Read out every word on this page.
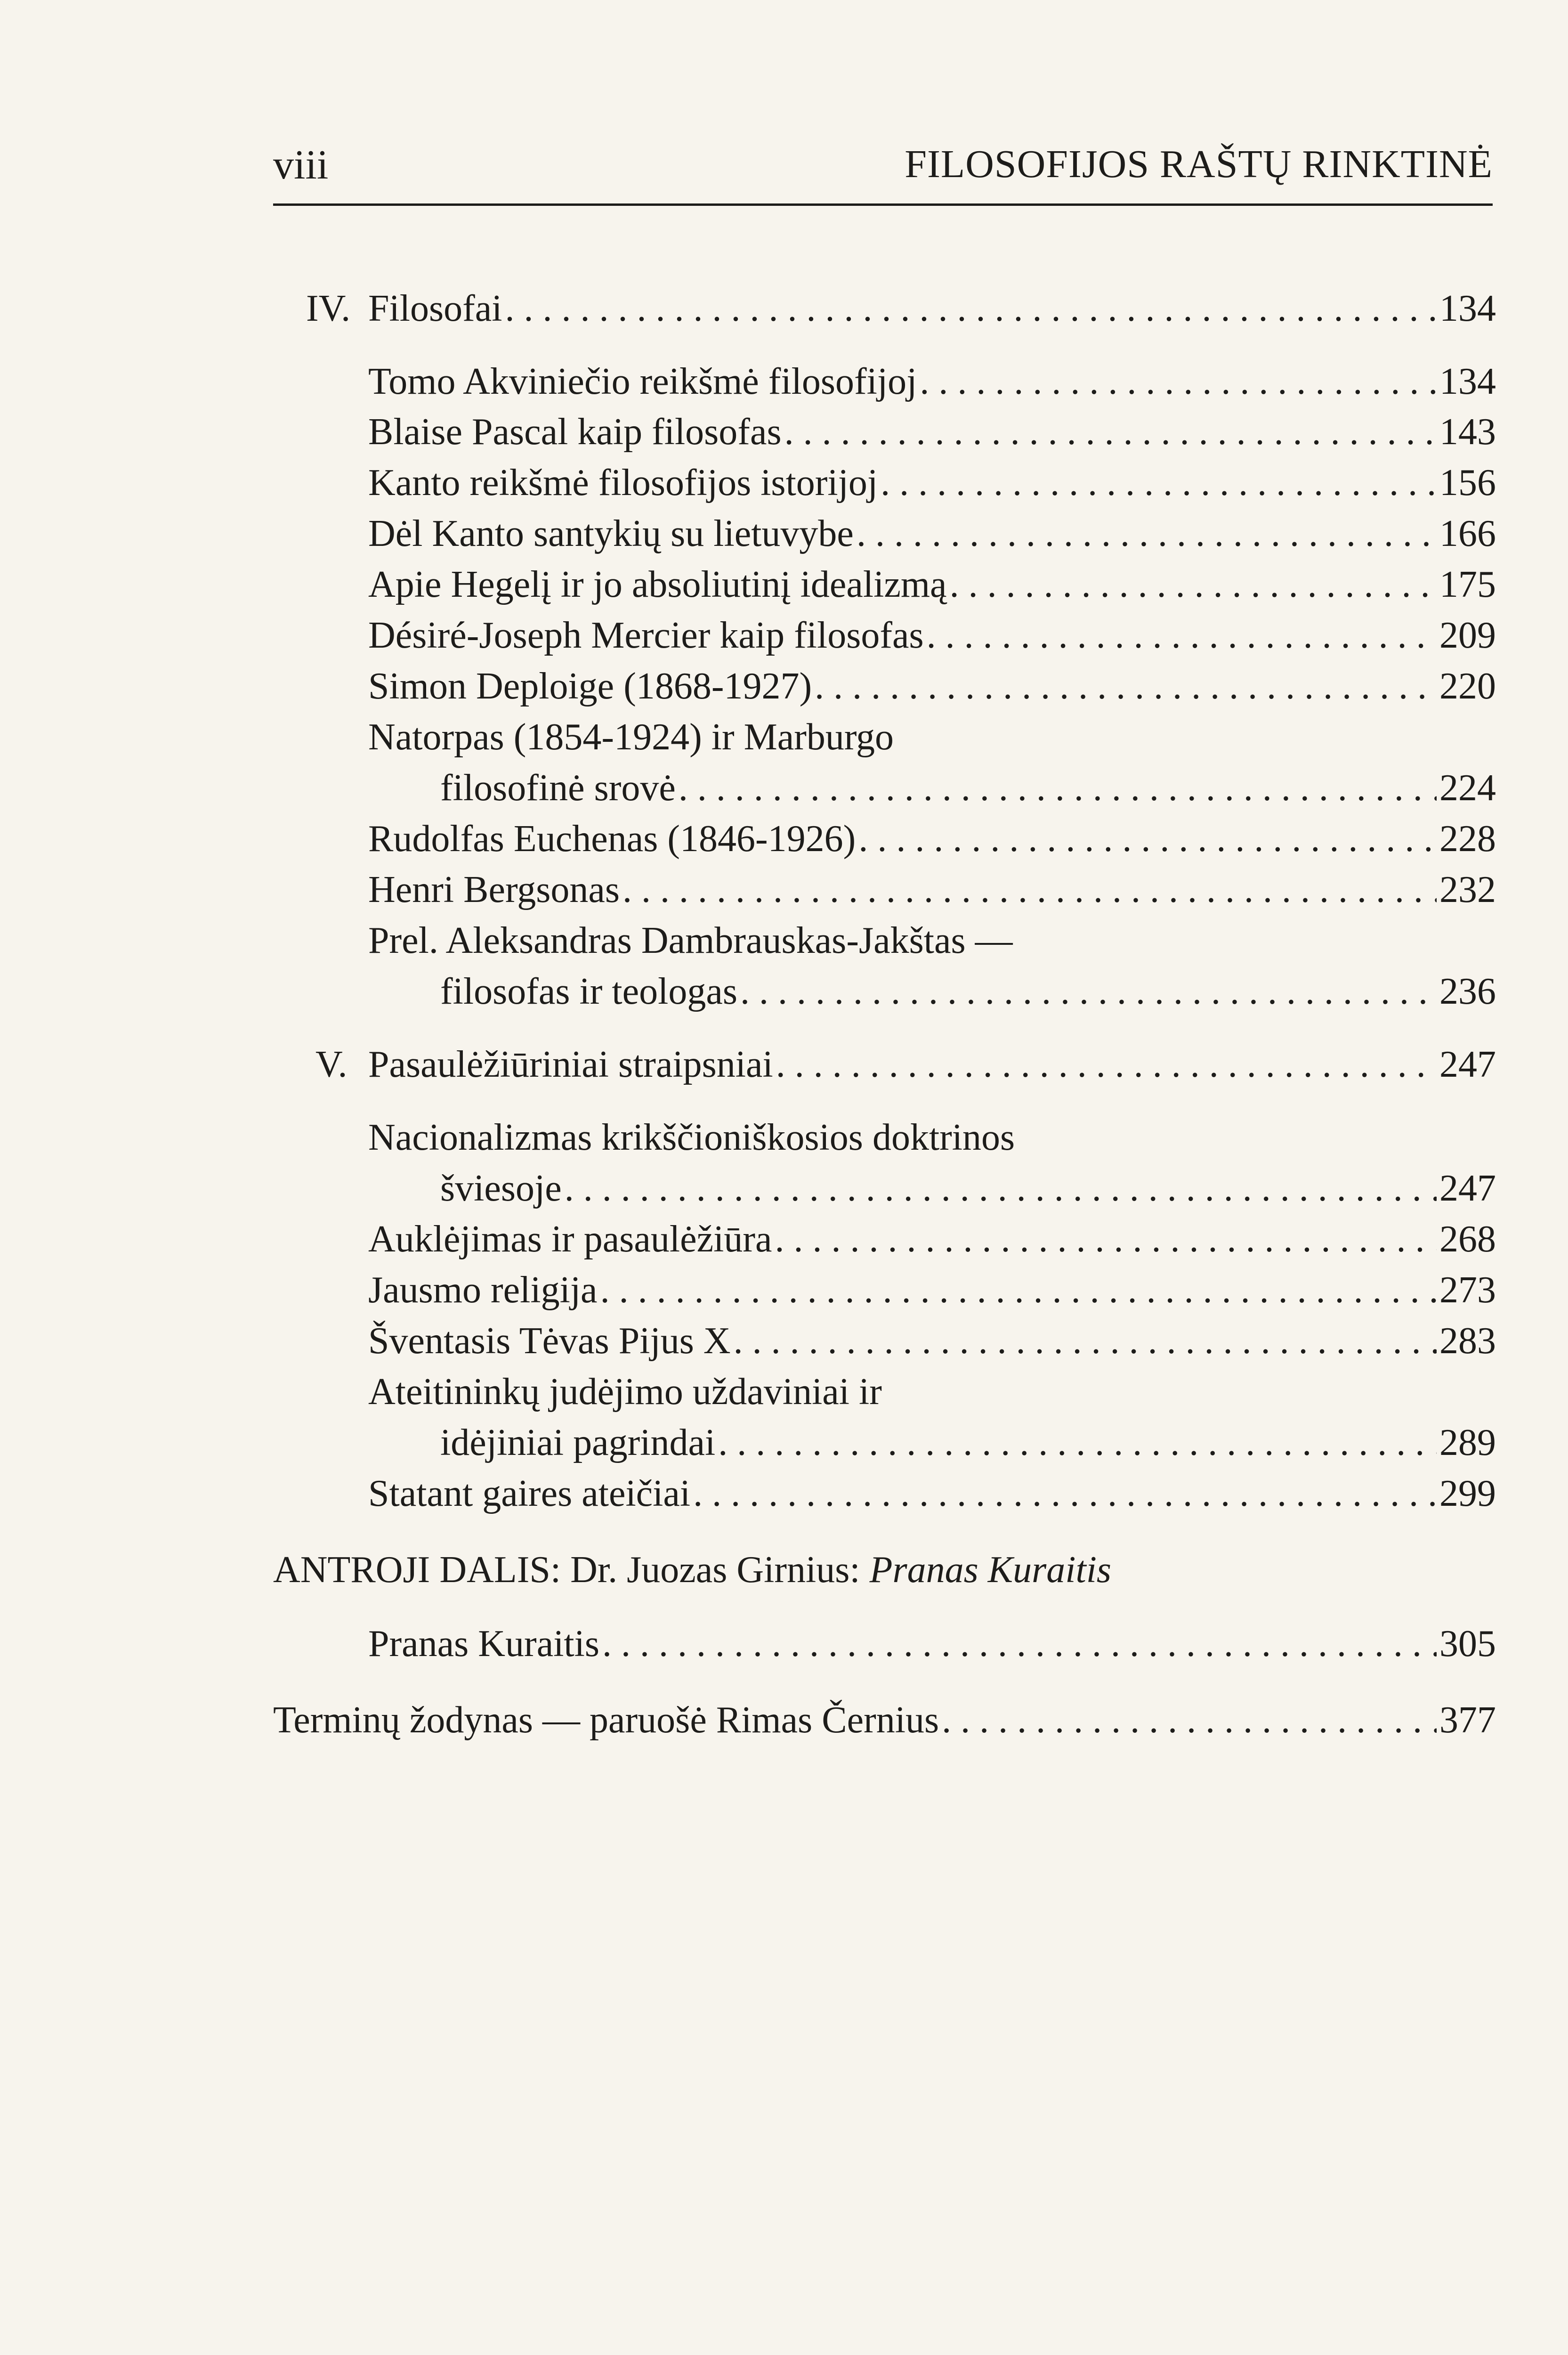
viii	FILOSOFIJOS RAŠTŲ RINKTINĖ
IV. Filosofai . . .	134
Tomo Akviniečio reikšmė filosofijoj . . .	134
Blaise Pascal kaip filosofas . . .	143
Kanto reikšmė filosofijos istorijoj . . .	156
Dėl Kanto santykių su lietuvybe . . .	166
Apie Hegelį ir jo absoliutinį idealizmą . . .	175
Désiré-Joseph Mercier kaip filosofas . . .	209
Simon Deploige (1868-1927) . . .	220
Natorpas (1854-1924) ir Marburgo
filosofinė srovė . . .	224
Rudolfas Euchenas (1846-1926) . . .	228
Henri Bergsonas . . .	232
Prel. Aleksandras Dambrauskas-Jakštas —
filosofas ir teologas . . .	236
V. Pasaulėžiūriniai straipsniai . . .	247
Nacionalizmas krikščioniškosios doktrinos
šviesoje . . .	247
Auklėjimas ir pasaulėžiūra . . .	268
Jausmo religija . . .	273
Šventasis Tėvas Pijus X . . .	283
Ateitininkų judėjimo uždaviniai ir
idėjiniai pagrindai . . .	289
Statant gaires ateičiai . . .	299
ANTROJI DALIS: Dr. Juozas Girnius: Pranas Kuraitis
Pranas Kuraitis . . .	305
Terminų žodynas — paruošė Rimas Černius . . .	377
